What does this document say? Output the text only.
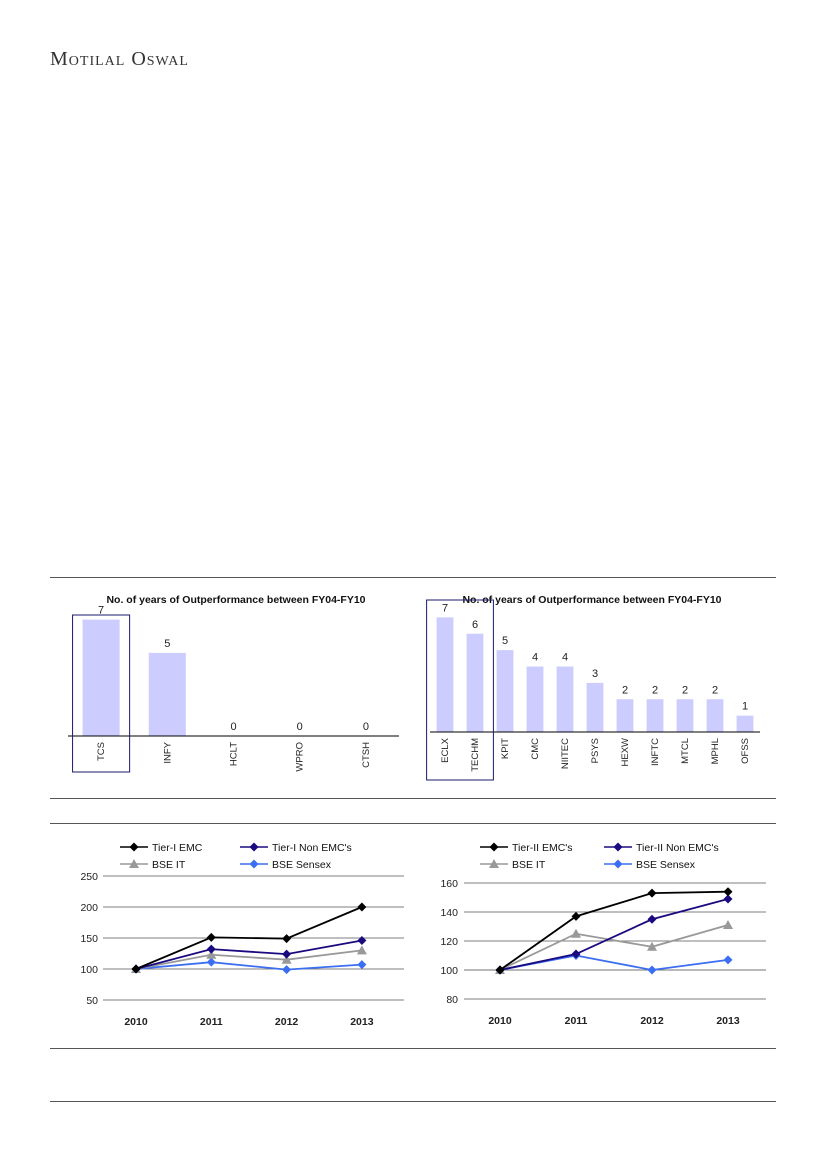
Motilal Oswal
No. of years of Outperformance between FY04-FY10
7
TCS
5
INFY
0
HCLT
0
WPRO
0
CTSH
No. of years of Outperformance between FY04-FY10
7
ECLX
6
TECHM
5
KPIT
4
CMC
4
NIITEC
3
PSYS
2
HEXW
2
INFTC
2
MTCL
2
MPHL
1
OFSS
50
100
150
200
250
2010	2011	2012	2013
Tier-I EMC	Tier-I Non EMC's
BSE IT	BSE Sensex
80
100
120
140
160
2010	2011	2012	2013
Tier-II EMC's	Tier-II Non EMC's
BSE IT	BSE Sensex
